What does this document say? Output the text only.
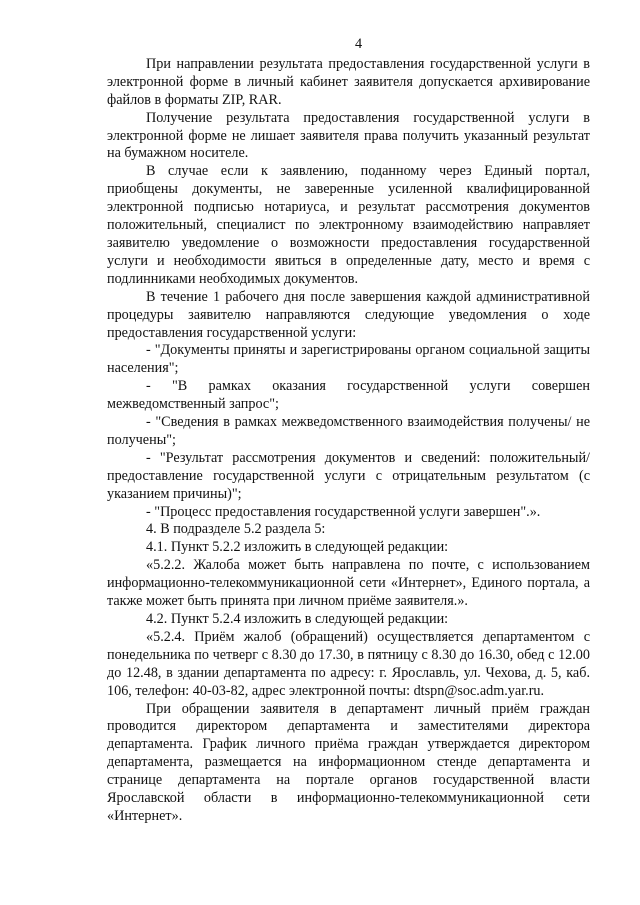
4

При направлении результата предоставления государственной услуги в электронной форме в личный кабинет заявителя допускается архивирование файлов в форматы ZIP, RAR.

Получение результата предоставления государственной услуги в электронной форме не лишает заявителя права получить указанный результат на бумажном носителе.

В случае если к заявлению, поданному через Единый портал, приобщены документы, не заверенные усиленной квалифицированной электронной подписью нотариуса, и результат рассмотрения документов положительный, специалист по электронному взаимодействию направляет заявителю уведомление о возможности предоставления государственной услуги и необходимости явиться в определенные дату, место и время с подлинниками необходимых документов.

В течение 1 рабочего дня после завершения каждой административной процедуры заявителю направляются следующие уведомления о ходе предоставления государственной услуги:

- "Документы приняты и зарегистрированы органом социальной защиты населения";

- "В рамках оказания государственной услуги совершен межведомственный запрос";

- "Сведения в рамках межведомственного взаимодействия получены/ не получены";

- "Результат рассмотрения документов и сведений: положительный/ предоставление государственной услуги с отрицательным результатом (с указанием причины)";

- "Процесс предоставления государственной услуги завершен".».

4. В подразделе 5.2 раздела 5:

4.1. Пункт 5.2.2 изложить в следующей редакции:

«5.2.2. Жалоба может быть направлена по почте, с использованием информационно-телекоммуникационной сети «Интернет», Единого портала, а также может быть принята при личном приёме заявителя.».

4.2. Пункт 5.2.4 изложить в следующей редакции:

«5.2.4. Приём жалоб (обращений) осуществляется департаментом с понедельника по четверг с 8.30 до 17.30, в пятницу с 8.30 до 16.30, обед с 12.00 до 12.48, в здании департамента по адресу: г. Ярославль, ул. Чехова, д. 5, каб. 106, телефон: 40-03-82, адрес электронной почты: dtspn@soc.adm.yar.ru.

При обращении заявителя в департамент личный приём граждан проводится директором департамента и заместителями директора департамента. График личного приёма граждан утверждается директором департамента, размещается на информационном стенде департамента и странице департамента на портале органов государственной власти Ярославской области в информационно-телекоммуникационной сети «Интернет».
